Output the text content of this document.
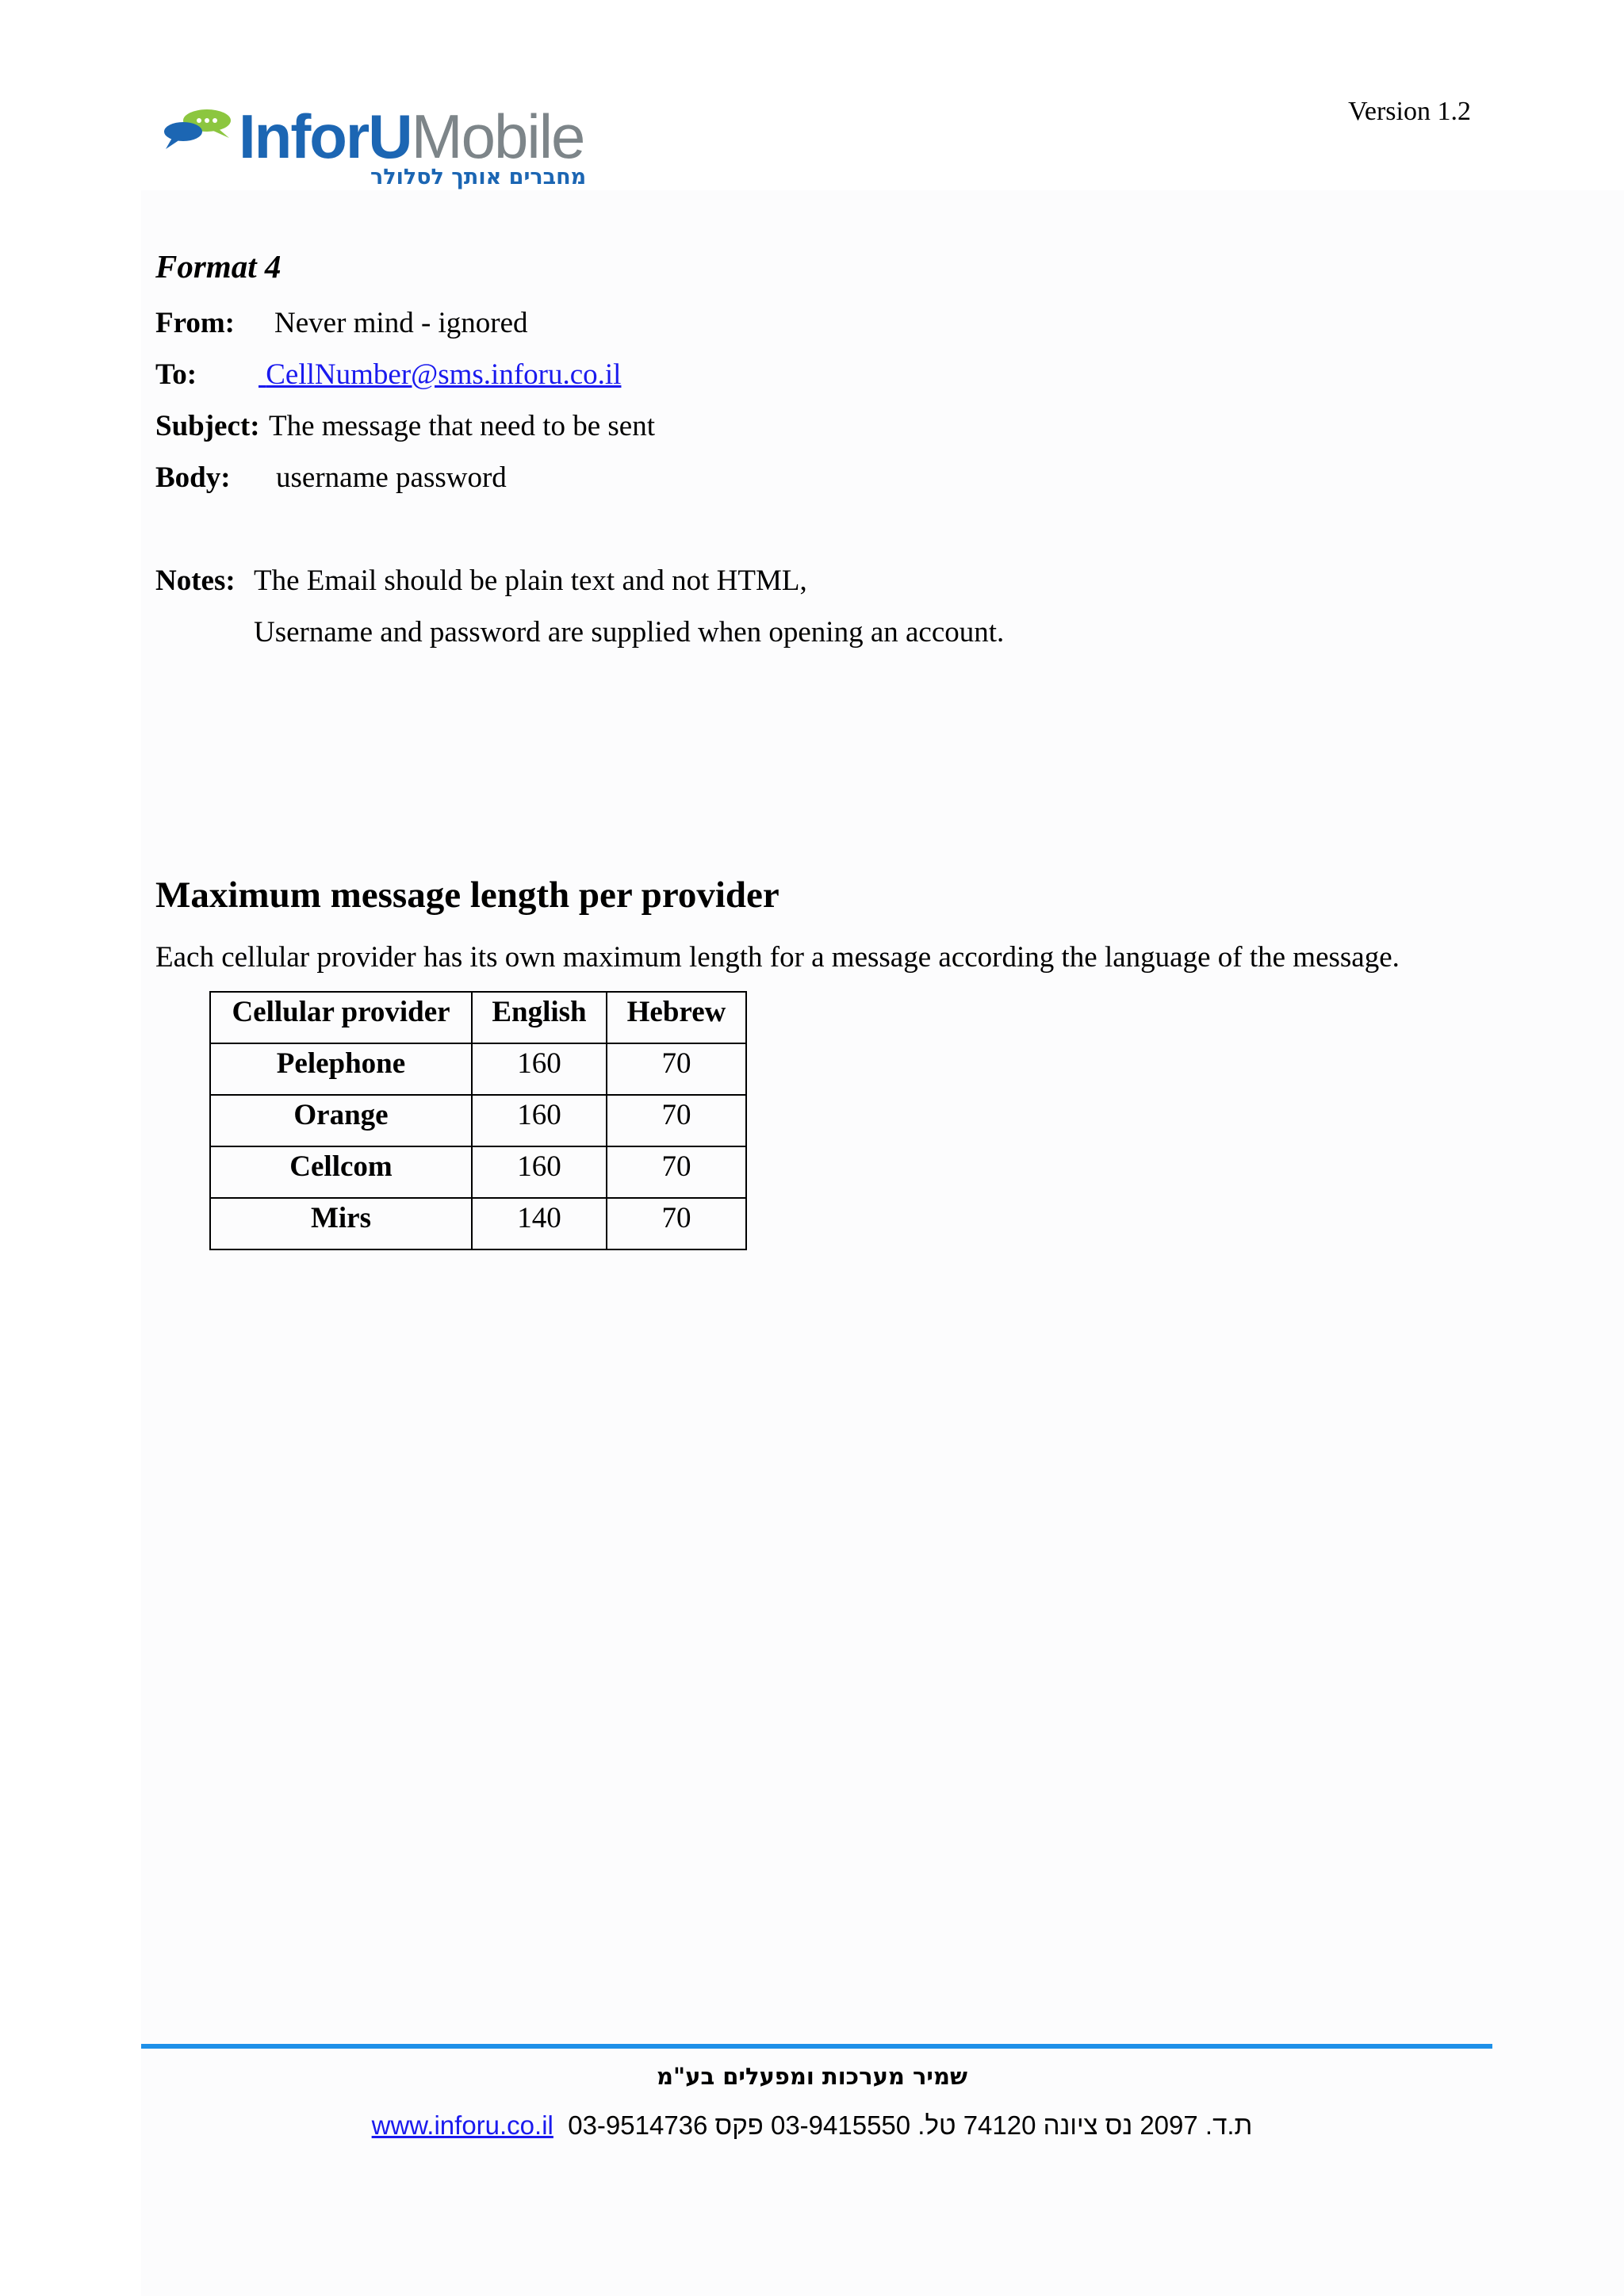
Version 1.2
InforUMobile
מחברים אותך לסלולר
Format 4
From: Never mind - ignored
To: CellNumber@sms.inforu.co.il
Subject: The message that need to be sent
Body: username password
Notes: The Email should be plain text and not HTML,
Username and password are supplied when opening an account.
Maximum message length per provider
Each cellular provider has its own maximum length for a message according the language of the message.
Cellular provider	English	Hebrew
Pelephone	160	70
Orange	160	70
Cellcom	160	70
Mirs	140	70
שמיר מערכות ומפעלים בע"מ
www.inforu.co.il ת.ד. 2097 נס ציונה 74120 טל. 03-9415550 פקס 03-9514736
